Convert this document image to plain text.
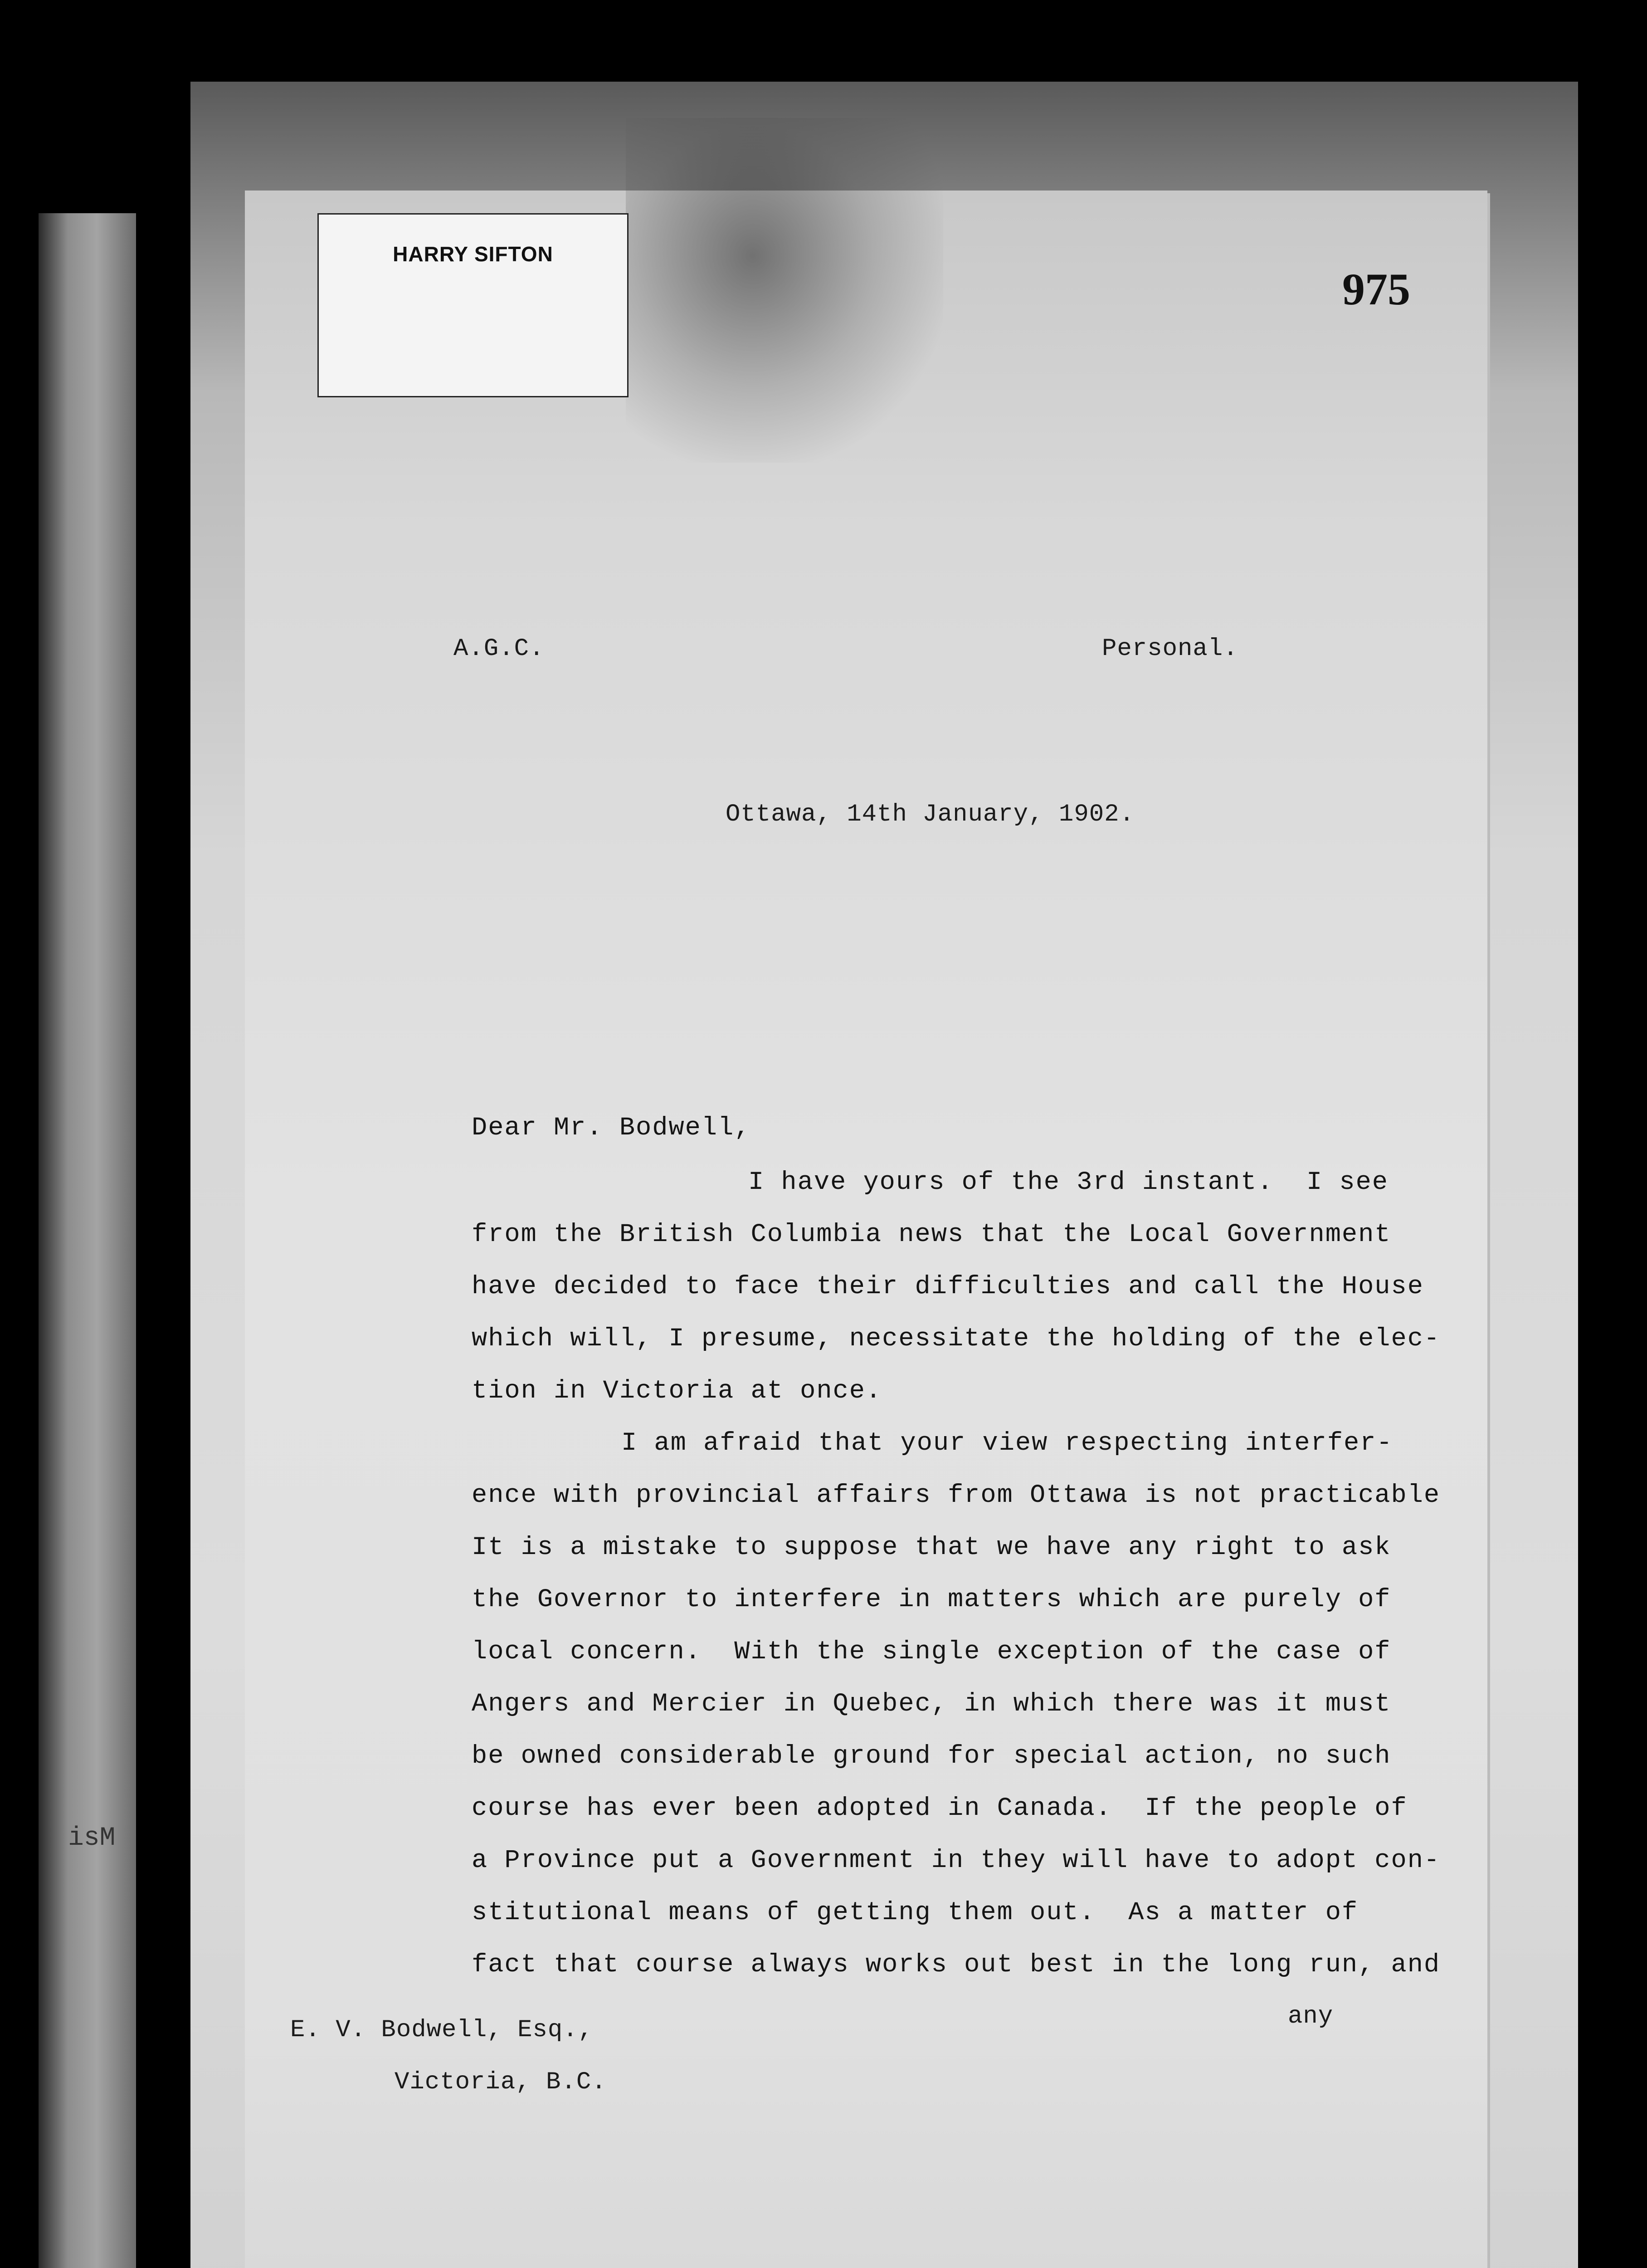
isM
HARRY SIFTON
975
A.G.C.	Personal.
Ottawa, 14th January, 1902.
Dear Mr. Bodwell,
I have yours of the 3rd instant.  I see
from the British Columbia news that the Local Government
have decided to face their difficulties and call the House
which will, I presume, necessitate the holding of the elec-
tion in Victoria at once.
I am afraid that your view respecting interfer-
ence with provincial affairs from Ottawa is not practicable
It is a mistake to suppose that we have any right to ask
the Governor to interfere in matters which are purely of
local concern.  With the single exception of the case of
Angers and Mercier in Quebec, in which there was it must
be owned considerable ground for special action, no such
course has ever been adopted in Canada.  If the people of
a Province put a Government in they will have to adopt con-
stitutional means of getting them out.  As a matter of
fact that course always works out best in the long run, and
any
E. V. Bodwell, Esq.,
Victoria, B.C.
